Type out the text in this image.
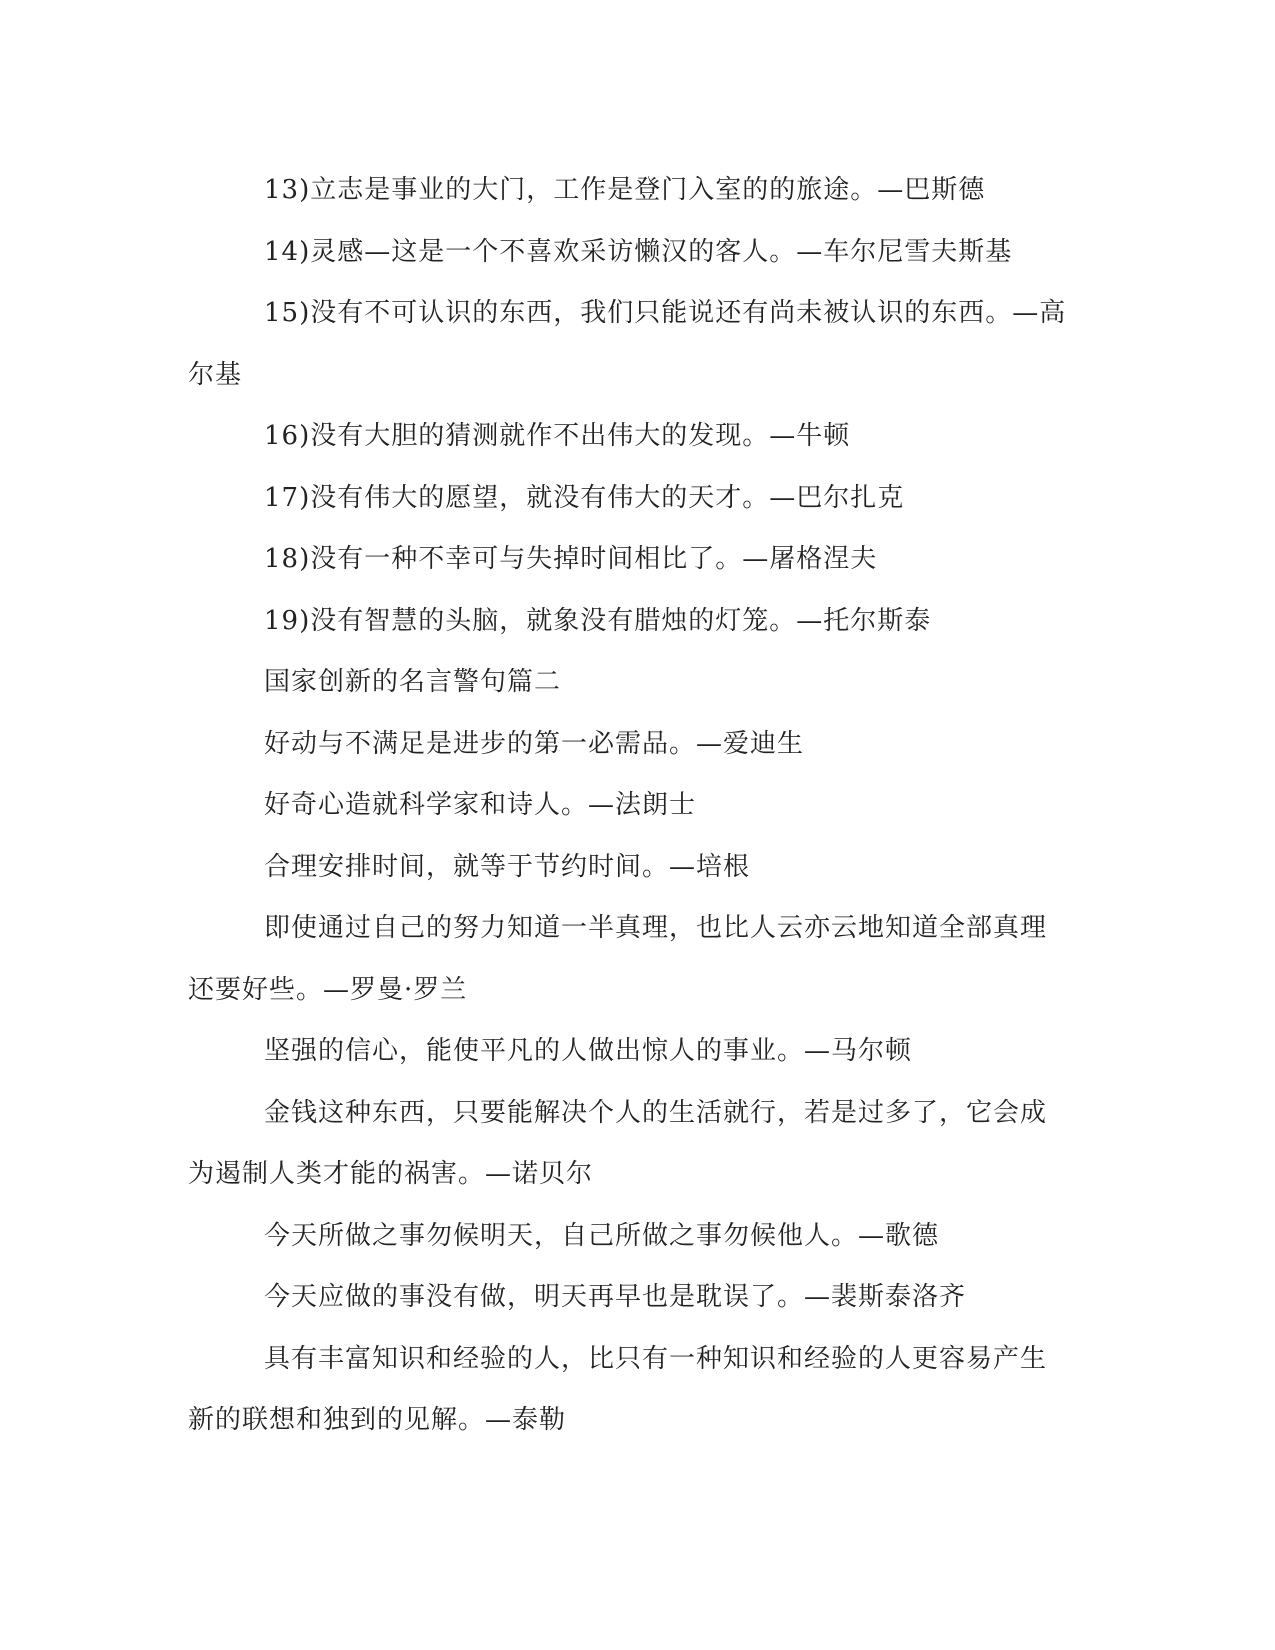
13)立志是事业的大门，工作是登门入室的的旅途。—巴斯德

14)灵感—这是一个不喜欢采访懒汉的客人。—车尔尼雪夫斯基

15)没有不可认识的东西，我们只能说还有尚未被认识的东西。—高尔基

16)没有大胆的猜测就作不出伟大的发现。—牛顿

17)没有伟大的愿望，就没有伟大的天才。—巴尔扎克

18)没有一种不幸可与失掉时间相比了。—屠格涅夫

19)没有智慧的头脑，就象没有腊烛的灯笼。—托尔斯泰

国家创新的名言警句篇二

好动与不满足是进步的第一必需品。—爱迪生

好奇心造就科学家和诗人。—法朗士

合理安排时间，就等于节约时间。—培根

即使通过自己的努力知道一半真理，也比人云亦云地知道全部真理还要好些。—罗曼·罗兰

坚强的信心，能使平凡的人做出惊人的事业。—马尔顿

金钱这种东西，只要能解决个人的生活就行，若是过多了，它会成为遏制人类才能的祸害。—诺贝尔

今天所做之事勿候明天，自己所做之事勿候他人。—歌德

今天应做的事没有做，明天再早也是耽误了。—裴斯泰洛齐

具有丰富知识和经验的人，比只有一种知识和经验的人更容易产生新的联想和独到的见解。—泰勒
